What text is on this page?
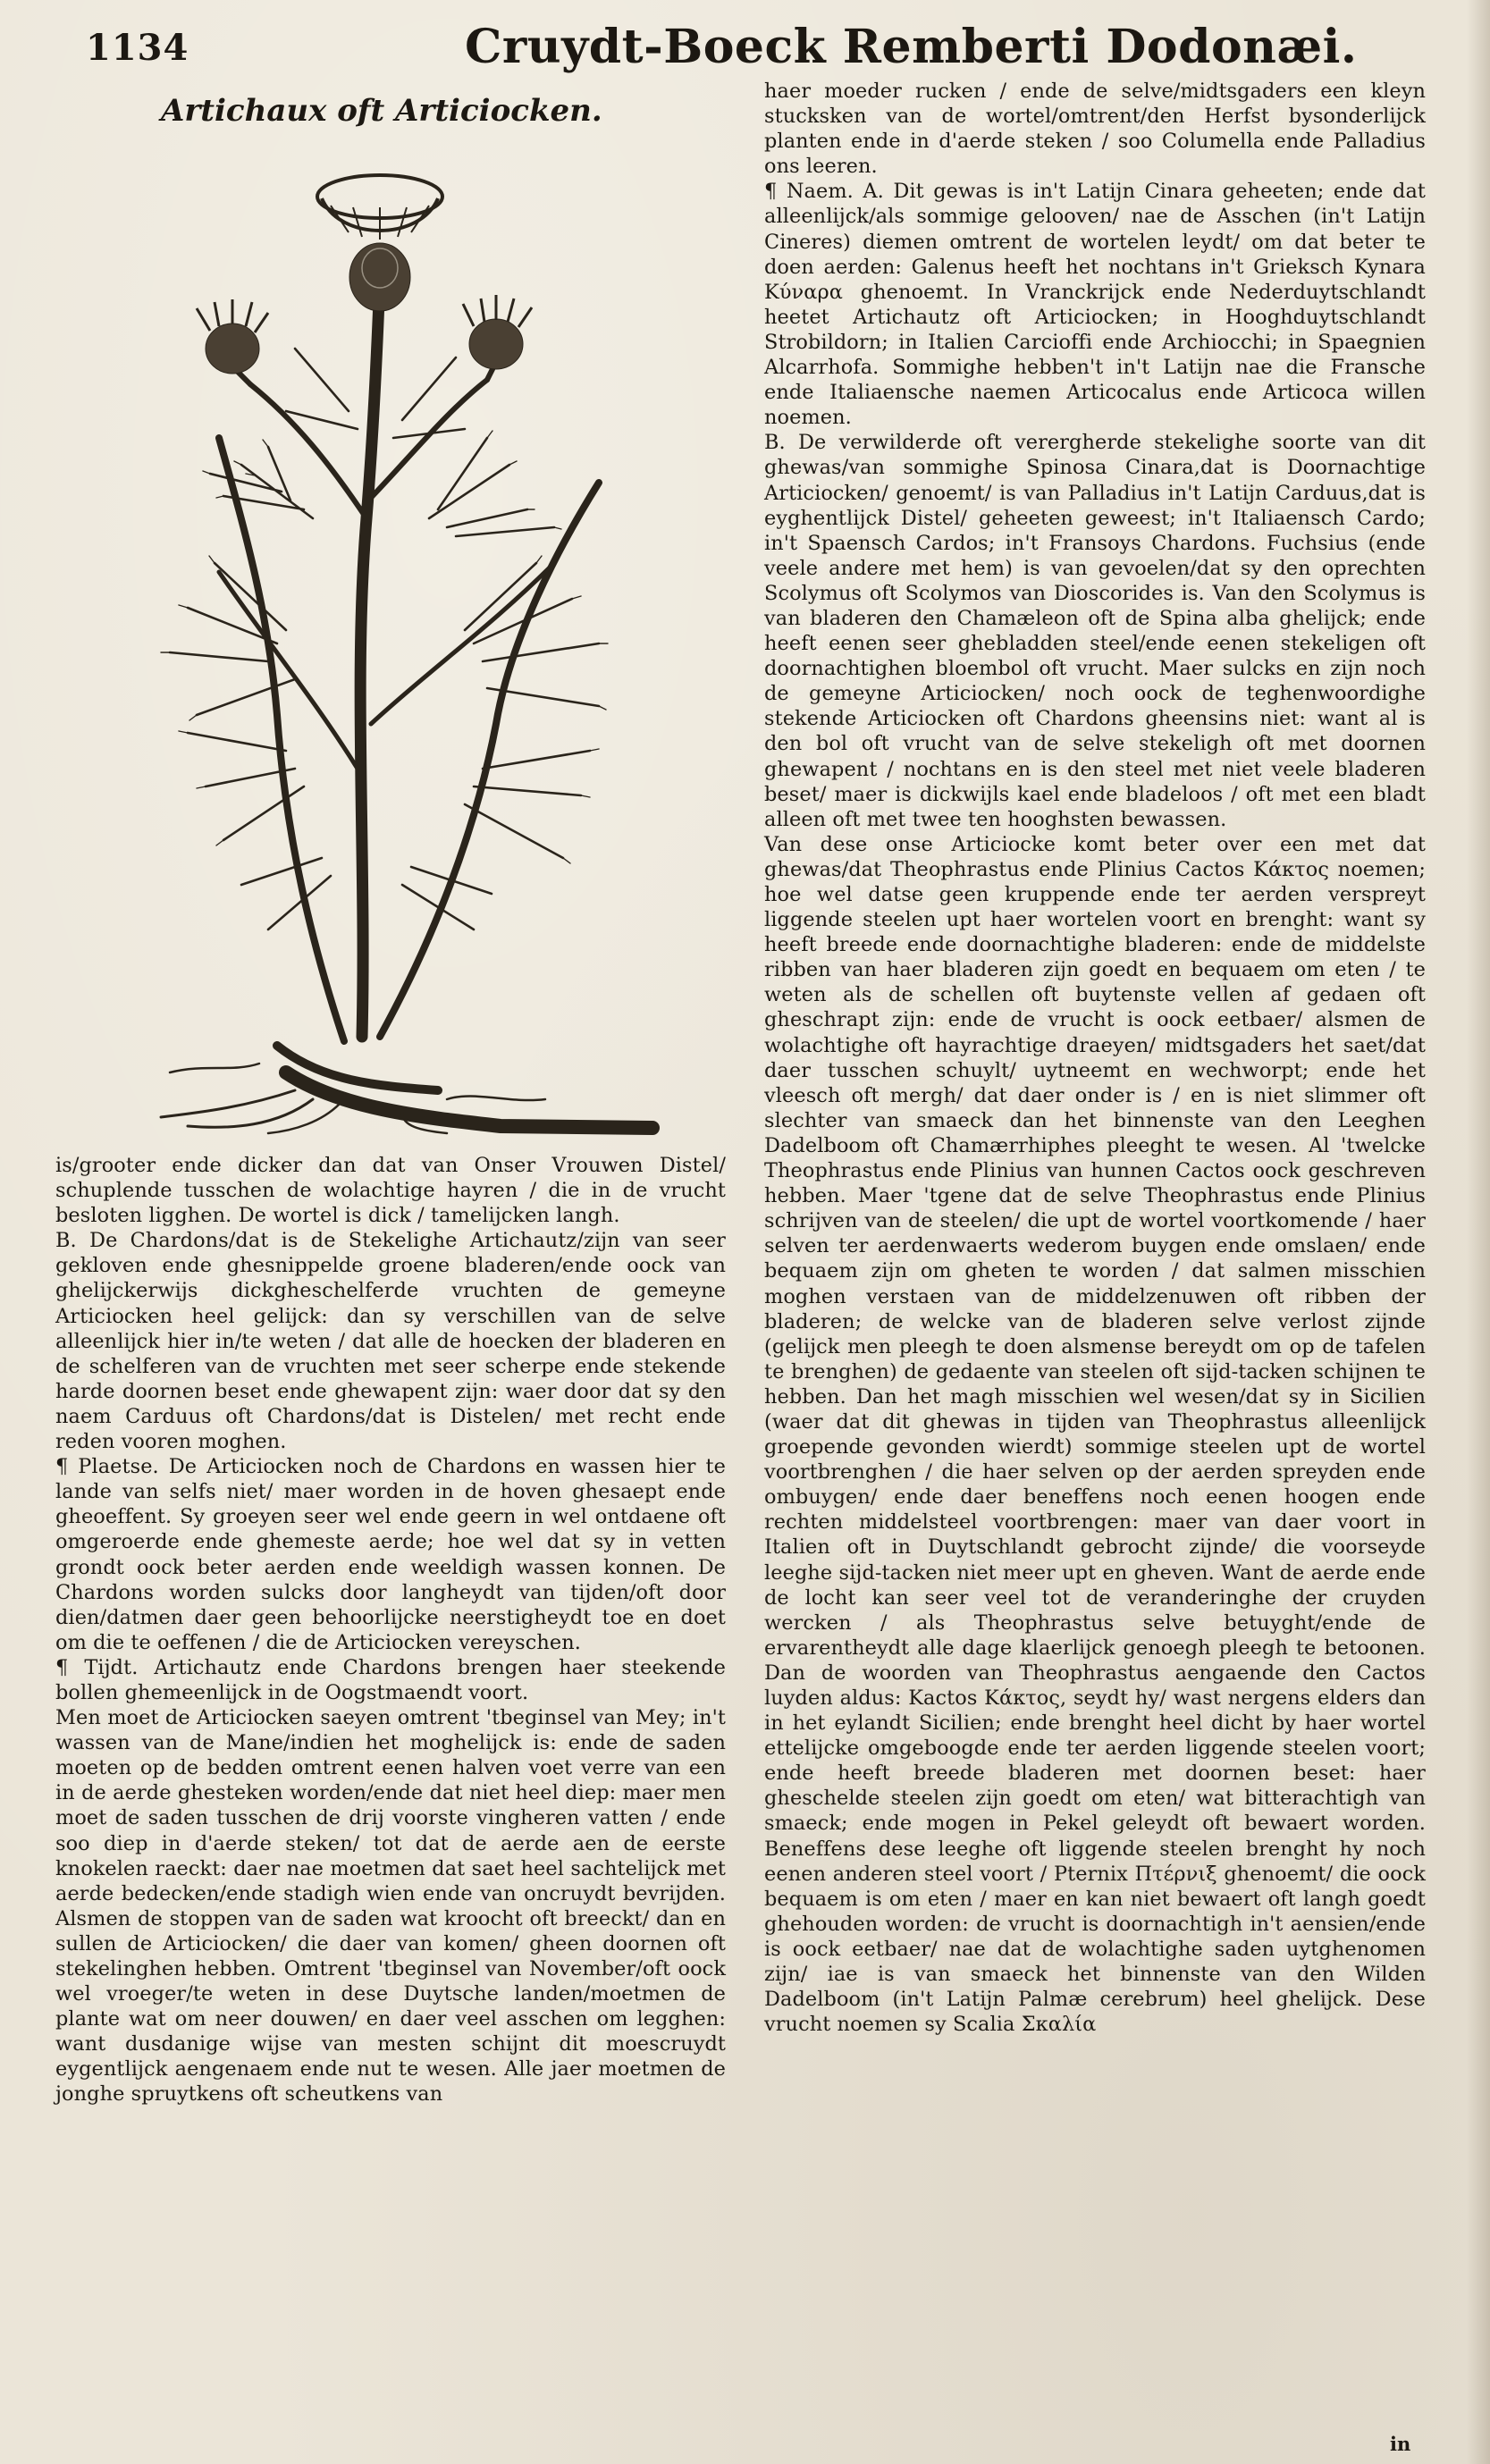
1134	Cruydt-Boeck Remberti Dodonæi.
Artichaux oft Articiocken.

haer moeder rucken / ende de selve/midtsgaders een kleyn stucksken van de wortel/omtrent/den Herfst bysonderlijck planten ende in d'aerde steken / soo Columella ende Palladius ons leeren.

¶ Naem. A. Dit gewas is in't Latijn Cinara geheeten; ende dat alleenlijck/als sommige gelooven/ nae de Asschen (in't Latijn Cineres) diemen omtrent de wortelen leydt/ om dat beter te doen aerden: Galenus heeft het nochtans in't Grieksch Kynara Κύναρα ghenoemt. In Vranckrijck ende Nederduytschlandt heetet Artichautz oft Articiocken; in Hooghduytschlandt Strobildorn; in Italien Carcioffi ende Archiocchi; in Spaegnien Alcarrhofa. Sommighe hebben't in't Latijn nae die Fransche ende Italiaensche naemen Articocalus ende Articoca willen noemen.

B. De verwilderde oft verergherde stekelighe soorte van dit ghewas/van sommighe Spinosa Cinara,dat is Doornachtige Articiocken/ genoemt/ is van Palladius in't Latijn Carduus,dat is eyghentlijck Distel/ geheeten geweest; in't Italiaensch Cardo; in't Spaensch Cardos; in't Fransoys Chardons. Fuchsius (ende veele andere met hem) is van gevoelen/dat sy den oprechten Scolymus oft Scolymos van Dioscorides is. Van den Scolymus is van bladeren den Chamæleon oft de Spina alba ghelijck; ende heeft eenen seer ghebladden steel/ende eenen stekeligen oft doornachtighen bloembol oft vrucht. Maer sulcks en zijn noch de gemeyne Articiocken/ noch oock de teghenwoordighe stekende Articiocken oft Chardons gheensins niet: want al is den bol oft vrucht van de selve stekeligh oft met doornen ghewapent / nochtans en is den steel met niet veele bladeren beset/ maer is dickwijls kael ende bladeloos / oft met een bladt alleen oft met twee ten hooghsten bewassen.

Van dese onse Articiocke komt beter over een met dat ghewas/dat Theophrastus ende Plinius Cactos Κάκτος noemen; hoe wel datse geen kruppende ende ter aerden verspreyt liggende steelen upt haer wortelen voort en brenght: want sy heeft breede ende doornachtighe bladeren: ende de middelste ribben van haer bladeren zijn goedt en bequaem om eten / te weten als de schellen oft buytenste vellen af gedaen oft gheschrapt zijn: ende de vrucht is oock eetbaer/ alsmen de wolachtighe oft hayrachtige draeyen/ midtsgaders het saet/dat daer tusschen schuylt/ uytneemt en wechworpt; ende het vleesch oft mergh/ dat daer onder is / en is niet slimmer oft slechter van smaeck dan het binnenste van den Leeghen Dadelboom oft Chamærrhiphes pleeght te wesen. Al 'twelcke Theophrastus ende Plinius van hunnen Cactos oock geschreven hebben. Maer 'tgene dat de selve Theophrastus ende Plinius schrijven van de steelen/ die upt de wortel voortkomende / haer selven ter aerdenwaerts wederom buygen ende omslaen/ ende bequaem zijn om gheten te worden / dat salmen misschien moghen verstaen van de middelzenuwen oft ribben der bladeren; de welcke van de bladeren selve verlost zijnde (gelijck men pleegh te doen alsmense bereydt om op de tafelen te brenghen) de gedaente van steelen oft sijd-tacken schijnen te hebben. Dan het magh misschien wel wesen/dat sy in Sicilien (waer dat dit ghewas in tijden van Theophrastus alleenlijck groepende gevonden wierdt) sommige steelen upt de wortel voortbrenghen / die haer selven op der aerden spreyden ende ombuygen/ ende daer beneffens noch eenen hoogen ende rechten middelsteel voortbrengen: maer van daer voort in Italien oft in Duytschlandt gebrocht zijnde/ die voorseyde leeghe sijd-tacken niet meer upt en gheven. Want de aerde ende de locht kan seer veel tot de veranderinghe der cruyden wercken / als Theophrastus selve betuyght/ende de ervarentheydt alle dage klaerlijck genoegh pleegh te betoonen. Dan de woorden van Theophrastus aengaende den Cactos luyden aldus: Kactos Κάκτος, seydt hy/ wast nergens elders dan in het eylandt Sicilien; ende brenght heel dicht by haer wortel ettelijcke omgeboogde ende ter aerden liggende steelen voort; ende heeft breede bladeren met doornen beset: haer gheschelde steelen zijn goedt om eten/ wat bitterachtigh van smaeck; ende mogen in Pekel geleydt oft bewaert worden. Beneffens dese leeghe oft liggende steelen brenght hy noch eenen anderen steel voort / Pternix Πτέρνιξ ghenoemt/ die oock bequaem is om eten / maer en kan niet bewaert oft langh goedt ghehouden worden: de vrucht is doornachtigh in't aensien/ende is oock eetbaer/ nae dat de wolachtighe saden uytghenomen zijn/ iae is van smaeck het binnenste van den Wilden Dadelboom (in't Latijn Palmæ cerebrum) heel ghelijck. Dese vrucht noemen sy Scalia Σκαλία

is/grooter ende dicker dan dat van Onser Vrouwen Distel/ schuplende tusschen de wolachtige hayren / die in de vrucht besloten ligghen. De wortel is dick / tamelijcken langh.

B. De Chardons/dat is de Stekelighe Artichautz/zijn van seer gekloven ende ghesnippelde groene bladeren/ende oock van ghelijckerwijs dickgheschelferde vruchten de gemeyne Articiocken heel gelijck: dan sy verschillen van de selve alleenlijck hier in/te weten / dat alle de hoecken der bladeren en de schelferen van de vruchten met seer scherpe ende stekende harde doornen beset ende ghewapent zijn: waer door dat sy den naem Carduus oft Chardons/dat is Distelen/ met recht ende reden vooren moghen.

¶ Plaetse. De Articiocken noch de Chardons en wassen hier te lande van selfs niet/ maer worden in de hoven ghesaept ende gheoeffent. Sy groeyen seer wel ende geern in wel ontdaene oft omgeroerde ende ghemeste aerde; hoe wel dat sy in vetten grondt oock beter aerden ende weeldigh wassen konnen. De Chardons worden sulcks door langheydt van tijden/oft door dien/datmen daer geen behoorlijcke neerstigheydt toe en doet om die te oeffenen / die de Articiocken vereyschen.

¶ Tijdt. Artichautz ende Chardons brengen haer steekende bollen ghemeenlijck in de Oogstmaendt voort.

Men moet de Articiocken saeyen omtrent 'tbeginsel van Mey; in't wassen van de Mane/indien het moghelijck is: ende de saden moeten op de bedden omtrent eenen halven voet verre van een in de aerde ghesteken worden/ende dat niet heel diep: maer men moet de saden tusschen de drij voorste vingheren vatten / ende soo diep in d'aerde steken/ tot dat de aerde aen de eerste knokelen raeckt: daer nae moetmen dat saet heel sachtelijck met aerde bedecken/ende stadigh wien ende van oncruydt bevrijden. Alsmen de stoppen van de saden wat kroocht oft breeckt/ dan en sullen de Articiocken/ die daer van komen/ gheen doornen oft stekelinghen hebben. Omtrent 'tbeginsel van November/oft oock wel vroeger/te weten in dese Duytsche landen/moetmen de plante wat om neer douwen/ en daer veel asschen om legghen: want dusdanige wijse van mesten schijnt dit moescruydt eygentlijck aengenaem ende nut te wesen. Alle jaer moetmen de jonghe spruytkens oft scheutkens van

in
